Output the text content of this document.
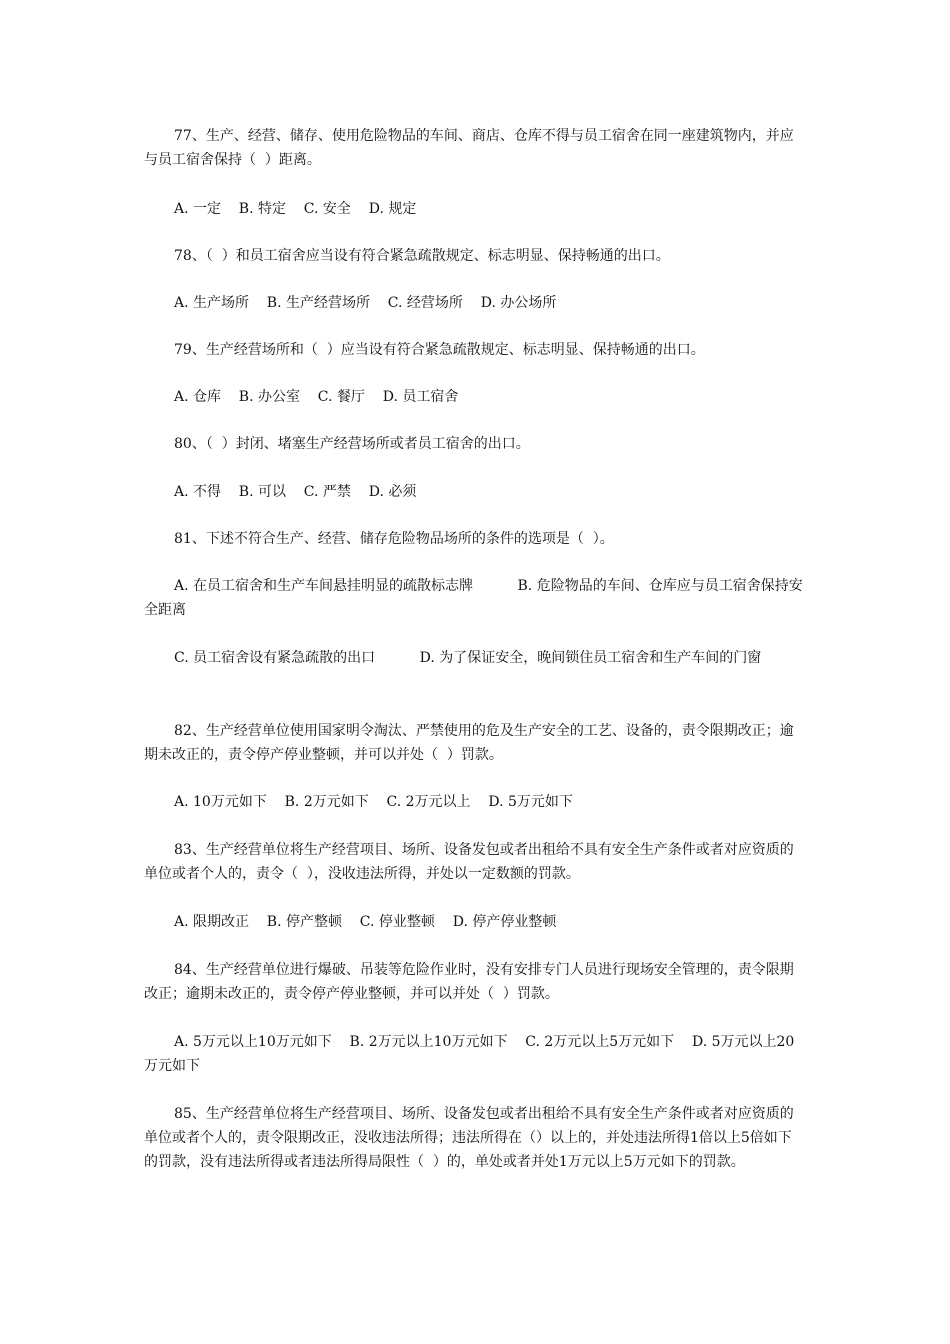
77、生产、经营、储存、使用危险物品的车间、商店、仓库不得与员工宿舍在同一座建筑物内，并应与员工宿舍保持（  ）距离。

A. 一定    B. 特定    C. 安全    D. 规定

78、（  ）和员工宿舍应当设有符合紧急疏散规定、标志明显、保持畅通的出口。

A. 生产场所    B. 生产经营场所    C. 经营场所    D. 办公场所

79、生产经营场所和（  ）应当设有符合紧急疏散规定、标志明显、保持畅通的出口。

A. 仓库    B. 办公室    C. 餐厅    D. 员工宿舍

80、（  ）封闭、堵塞生产经营场所或者员工宿舍的出口。

A. 不得    B. 可以    C. 严禁    D. 必须

81、下述不符合生产、经营、储存危险物品场所的条件的选项是（  ）。

A. 在员工宿舍和生产车间悬挂明显的疏散标志牌          B. 危险物品的车间、仓库应与员工宿舍保持安全距离

C. 员工宿舍设有紧急疏散的出口          D. 为了保证安全，晚间锁住员工宿舍和生产车间的门窗

82、生产经营单位使用国家明令淘汰、严禁使用的危及生产安全的工艺、设备的，责令限期改正；逾期未改正的，责令停产停业整顿，并可以并处（  ）罚款。

A. 10万元如下    B. 2万元如下    C. 2万元以上    D. 5万元如下

83、生产经营单位将生产经营项目、场所、设备发包或者出租给不具有安全生产条件或者对应资质的单位或者个人的，责令（  ），没收违法所得，并处以一定数额的罚款。

A. 限期改正    B. 停产整顿    C. 停业整顿    D. 停产停业整顿

84、生产经营单位进行爆破、吊装等危险作业时，没有安排专门人员进行现场安全管理的，责令限期改正；逾期未改正的，责令停产停业整顿，并可以并处（  ）罚款。

A. 5万元以上10万元如下    B. 2万元以上10万元如下    C. 2万元以上5万元如下    D. 5万元以上20万元如下

85、生产经营单位将生产经营项目、场所、设备发包或者出租给不具有安全生产条件或者对应资质的单位或者个人的，责令限期改正，没收违法所得；违法所得在（）以上的，并处违法所得1倍以上5倍如下的罚款，没有违法所得或者违法所得局限性（  ）的，单处或者并处1万元以上5万元如下的罚款。
